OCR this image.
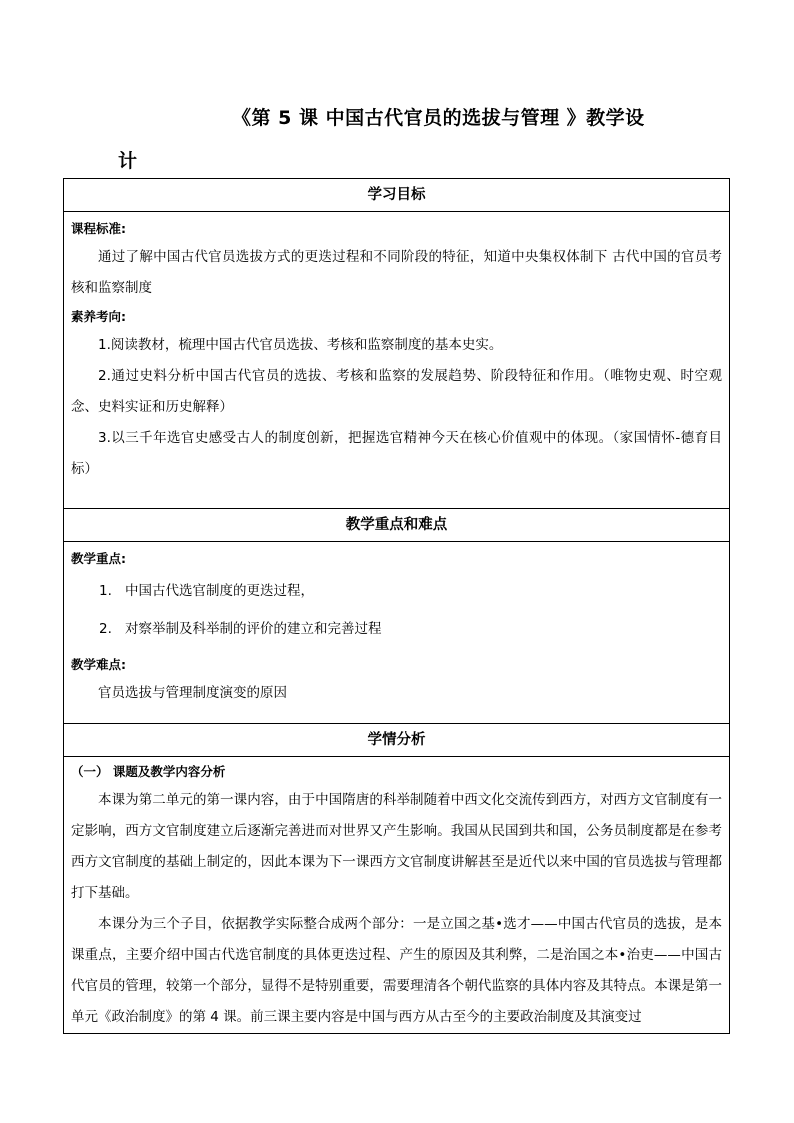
《第 5 课 中国古代官员的选拔与管理 》教学设
计
学习目标
课程标准:

通过了解中国古代官员选拔方式的更迭过程和不同阶段的特征，知道中央集权体制下 古代中国的官员考核和监察制度

素养考向:

1.阅读教材，梳理中国古代官员选拔、考核和监察制度的基本史实。

2.通过史料分析中国古代官员的选拔、考核和监察的发展趋势、阶段特征和作用。（唯物史观、时空观念、史料实证和历史解释）

3.以三千年选官史感受古人的制度创新，把握选官精神今天在核心价值观中的体现。（家国情怀-德育目标）

教学重点和难点
教学重点:
1. 中国古代选官制度的更迭过程，
2. 对察举制及科举制的评价的建立和完善过程
教学难点:

官员选拔与管理制度演变的原因

学情分析
（一） 课题及教学内容分析

本课为第二单元的第一课内容，由于中国隋唐的科举制随着中西文化交流传到西方，对西方文官制度有一定影响，西方文官制度建立后逐渐完善进而对世界又产生影响。我国从民国到共和国，公务员制度都是在参考西方文官制度的基础上制定的，因此本课为下一课西方文官制度讲解甚至是近代以来中国的官员选拔与管理都打下基础。

本课分为三个子目，依据教学实际整合成两个部分：一是立国之基•选才——中国古代官员的选拔，是本课重点，主要介绍中国古代选官制度的具体更迭过程、产生的原因及其利弊，二是治国之本•治吏——中国古代官员的管理，较第一个部分，显得不是特别重要，需要理清各个朝代监察的具体内容及其特点。本课是第一单元《政治制度》的第 4 课。前三课主要内容是中国与西方从古至今的主要政治制度及其演变过
